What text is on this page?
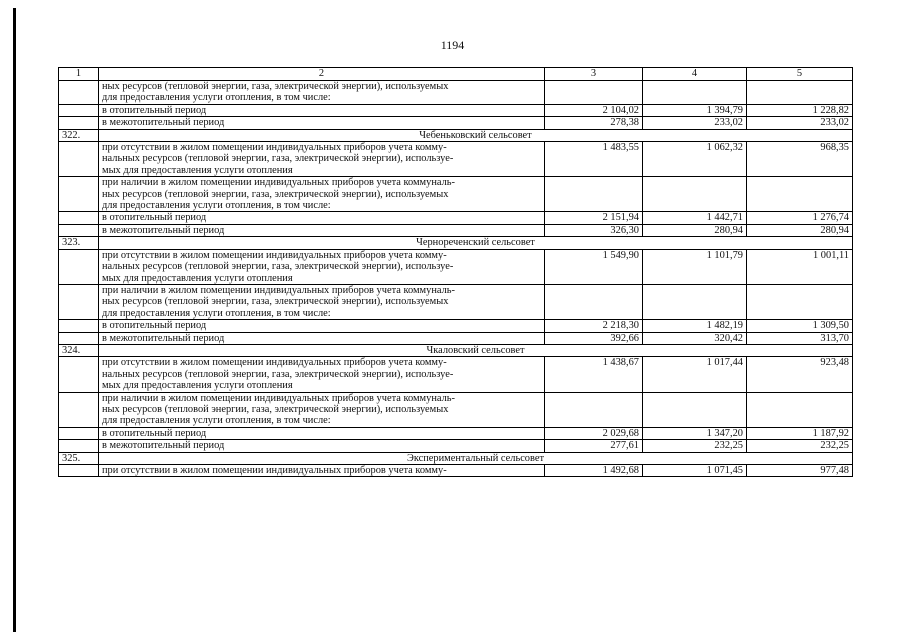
1194
1	2	3	4	5

	ных ресурсов (тепловой энергии, газа, электрической энергии), используемых
для предоставления услуги отопления, в том числе:			

	в отопительный период	2 104,02	1 394,79	1 228,82

	в межотопительный период	278,38	233,02	233,02
322.	Чебеньковский сельсовет			

	при отсутствии в жилом помещении индивидуальных приборов учета комму-
нальных ресурсов (тепловой энергии, газа, электрической энергии), используе-
мых для предоставления услуги отопления	1 483,55	1 062,32	968,35

	при наличии в жилом помещении индивидуальных приборов учета коммуналь-
ных ресурсов (тепловой энергии, газа, электрической энергии), используемых
для предоставления услуги отопления, в том числе:			

	в отопительный период	2 151,94	1 442,71	1 276,74

	в межотопительный период	326,30	280,94	280,94
323.	Чернореченский сельсовет			

	при отсутствии в жилом помещении индивидуальных приборов учета комму-
нальных ресурсов (тепловой энергии, газа, электрической энергии), используе-
мых для предоставления услуги отопления	1 549,90	1 101,79	1 001,11

	при наличии в жилом помещении индивидуальных приборов учета коммуналь-
ных ресурсов (тепловой энергии, газа, электрической энергии), используемых
для предоставления услуги отопления, в том числе:			

	в отопительный период	2 218,30	1 482,19	1 309,50

	в межотопительный период	392,66	320,42	313,70
324.	Чкаловский сельсовет			

	при отсутствии в жилом помещении индивидуальных приборов учета комму-
нальных ресурсов (тепловой энергии, газа, электрической энергии), используе-
мых для предоставления услуги отопления	1 438,67	1 017,44	923,48

	при наличии в жилом помещении индивидуальных приборов учета коммуналь-
ных ресурсов (тепловой энергии, газа, электрической энергии), используемых
для предоставления услуги отопления, в том числе:			

	в отопительный период	2 029,68	1 347,20	1 187,92

	в межотопительный период	277,61	232,25	232,25
325.	Экспериментальный сельсовет			

	при отсутствии в жилом помещении индивидуальных приборов учета комму-	1 492,68	1 071,45	977,48
